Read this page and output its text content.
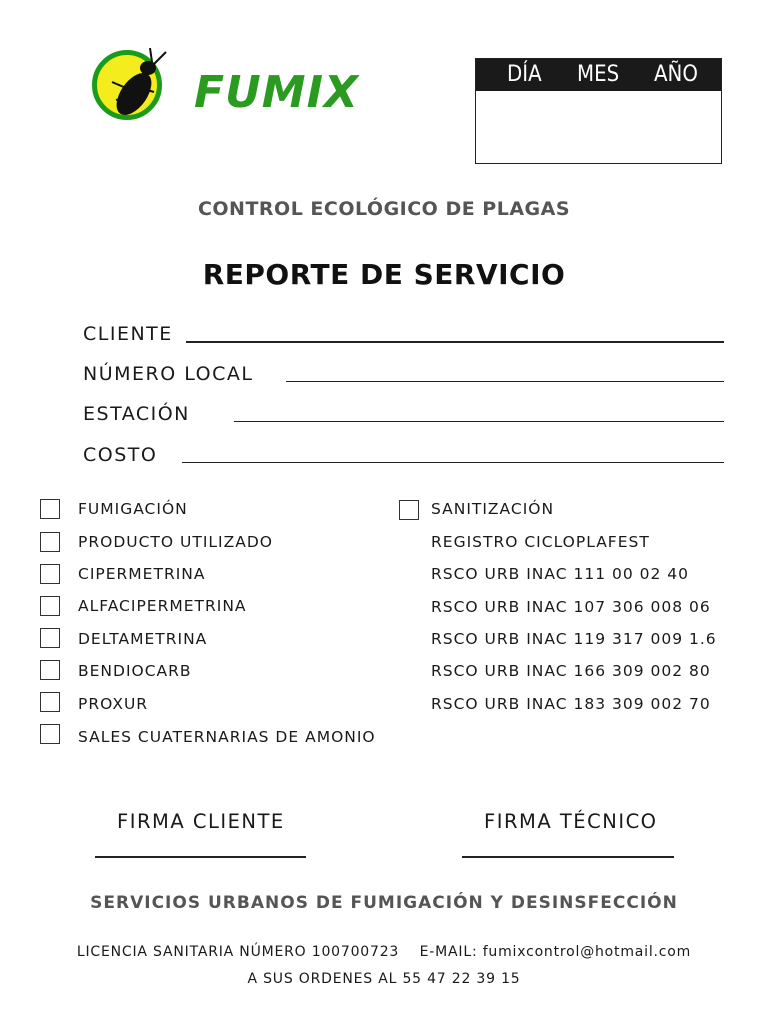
FUMIX	DÍA MES AÑO
CONTROL ECOLÓGICO DE PLAGAS
REPORTE DE SERVICIO
CLIENTE
NÚMERO LOCAL
ESTACIÓN
COSTO
FUMIGACIÓN
PRODUCTO UTILIZADO
CIPERMETRINA
ALFACIPERMETRINA
DELTAMETRINA
BENDIOCARB
PROXUR
SALES CUATERNARIAS DE AMONIO
SANITIZACIÓN
REGISTRO CICLOPLAFEST
RSCO URB INAC 111 00 02 40
RSCO URB INAC 107 306 008 06
RSCO URB INAC 119 317 009 1.6
RSCO URB INAC 166 309 002 80
RSCO URB INAC 183 309 002 70
FIRMA CLIENTE	FIRMA TÉCNICO
SERVICIOS URBANOS DE FUMIGACIÓN Y DESINSFECCIÓN
LICENCIA SANITARIA NÚMERO 100700723 E-MAIL: fumixcontrol@hotmail.com
A SUS ORDENES AL 55 47 22 39 15
